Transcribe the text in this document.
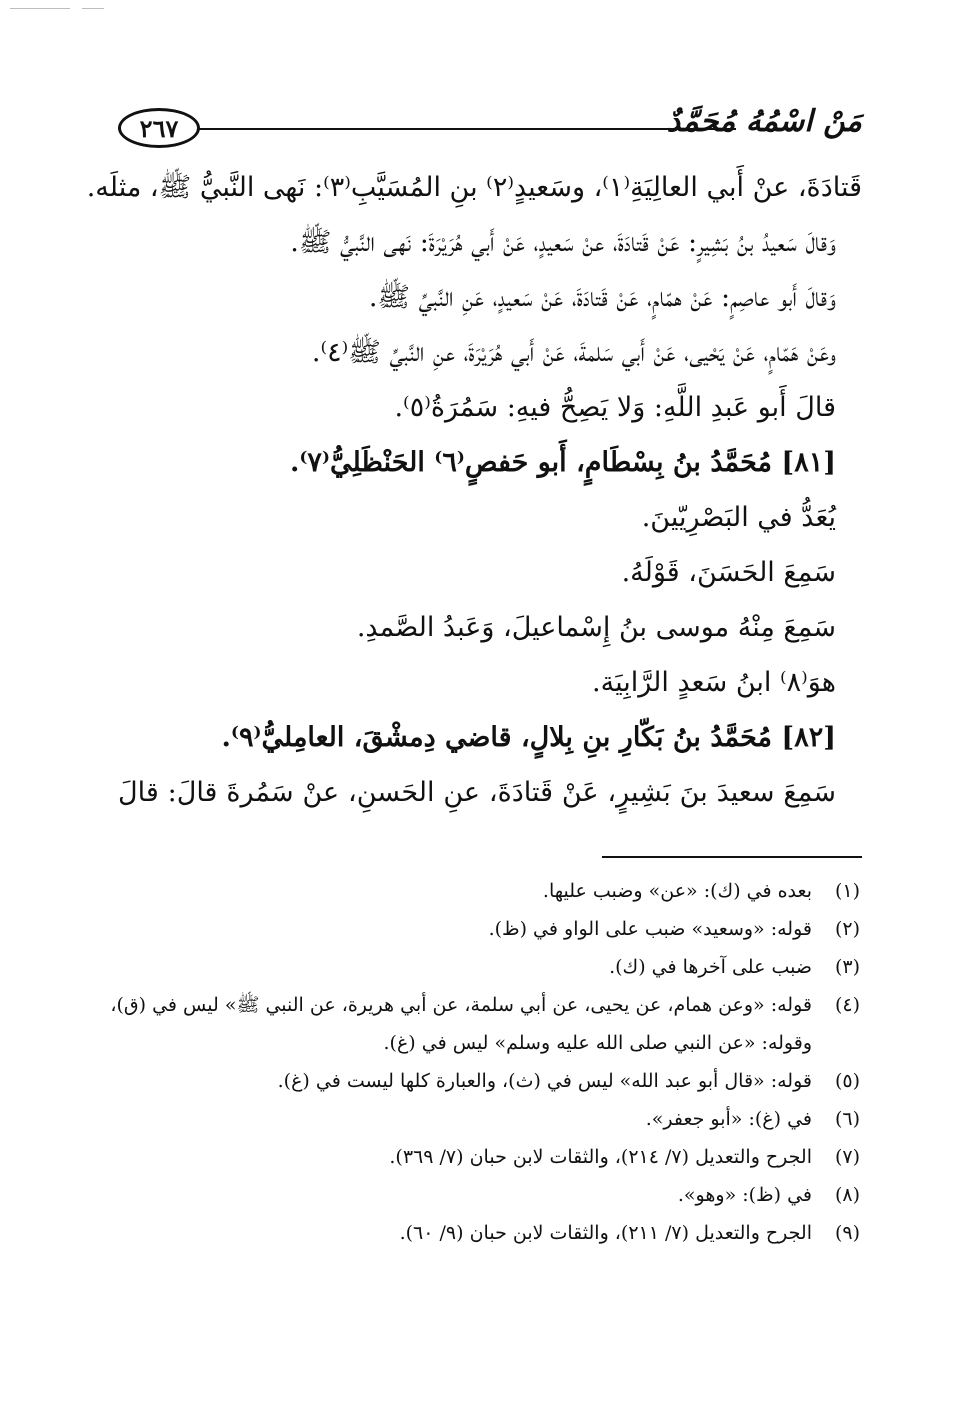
٢٦٧	مَنْ اسْمُهُ مُحَمَّدٌ
قَتادَةَ، عنْ أَبي العالِيَةِ⁽١⁾، وسَعيدٍ⁽٢⁾ بنِ المُسَيَّبِ⁽٣⁾: نَهى النَّبيُّ ﷺ، مثلَه.
وَقالَ سَعيدُ بنُ بَشِيرٍ: عَنْ قَتادَةَ، عنْ سَعيدٍ، عَنْ أَبي هُرَيْرَةَ: نَهى النَّبيُّ ﷺ.
وَقالَ أَبو عاصِمٍ: عَنْ همّامٍ، عَنْ قَتادَةَ، عَنْ سَعيدٍ، عَنِ النَّبيِّ ﷺ.
وعَنْ هَمّامٍ، عَنْ يَحْيى، عَنْ أَبي سَلمةَ، عَنْ أَبي هُرَيْرَةَ، عنِ النَّبيِّ ﷺ⁽٤⁾.
قالَ أَبو عَبدِ اللَّهِ: وَلا يَصِحُّ فيهِ: سَمُرَةُ⁽٥⁾.
[٨١] مُحَمَّدُ بنُ بِسْطَامٍ، أَبو حَفصٍ⁽٦⁾ الحَنْظَلِيُّ⁽٧⁾.
يُعَدُّ في البَصْرِيّينَ.
سَمِعَ الحَسَنَ، قَوْلَهُ.
سَمِعَ مِنْهُ موسى بنُ إِسْماعيلَ، وَعَبدُ الصَّمدِ.
هوَ⁽٨⁾ ابنُ سَعدٍ الرَّابِيَة.
[٨٢] مُحَمَّدُ بنُ بَكّارِ بنِ بِلالٍ، قاضي دِمشْقَ، العامِليُّ⁽٩⁾.
سَمِعَ سعيدَ بنَ بَشِيرٍ، عَنْ قَتادَةَ، عنِ الحَسنِ، عنْ سَمُرةَ قالَ: قالَ
(١)
بعده في (ك): «عن» وضبب عليها.
(٢)
قوله: «وسعيد» ضبب على الواو في (ظ).
(٣)
ضبب على آخرها في (ك).
(٤)
قوله: «وعن همام، عن يحيى، عن أبي سلمة، عن أبي هريرة، عن النبي ﷺ» ليس في (ق)،
وقوله: «عن النبي صلى الله عليه وسلم» ليس في (غ).
(٥)
قوله: «قال أبو عبد الله» ليس في (ث)، والعبارة كلها ليست في (غ).
(٦)
في (غ): «أبو جعفر».
(٧)
الجرح والتعديل (٧/ ٢١٤)، والثقات لابن حبان (٧/ ٣٦٩).
(٨)
في (ظ): «وهو».
(٩)
الجرح والتعديل (٧/ ٢١١)، والثقات لابن حبان (٩/ ٦٠).
